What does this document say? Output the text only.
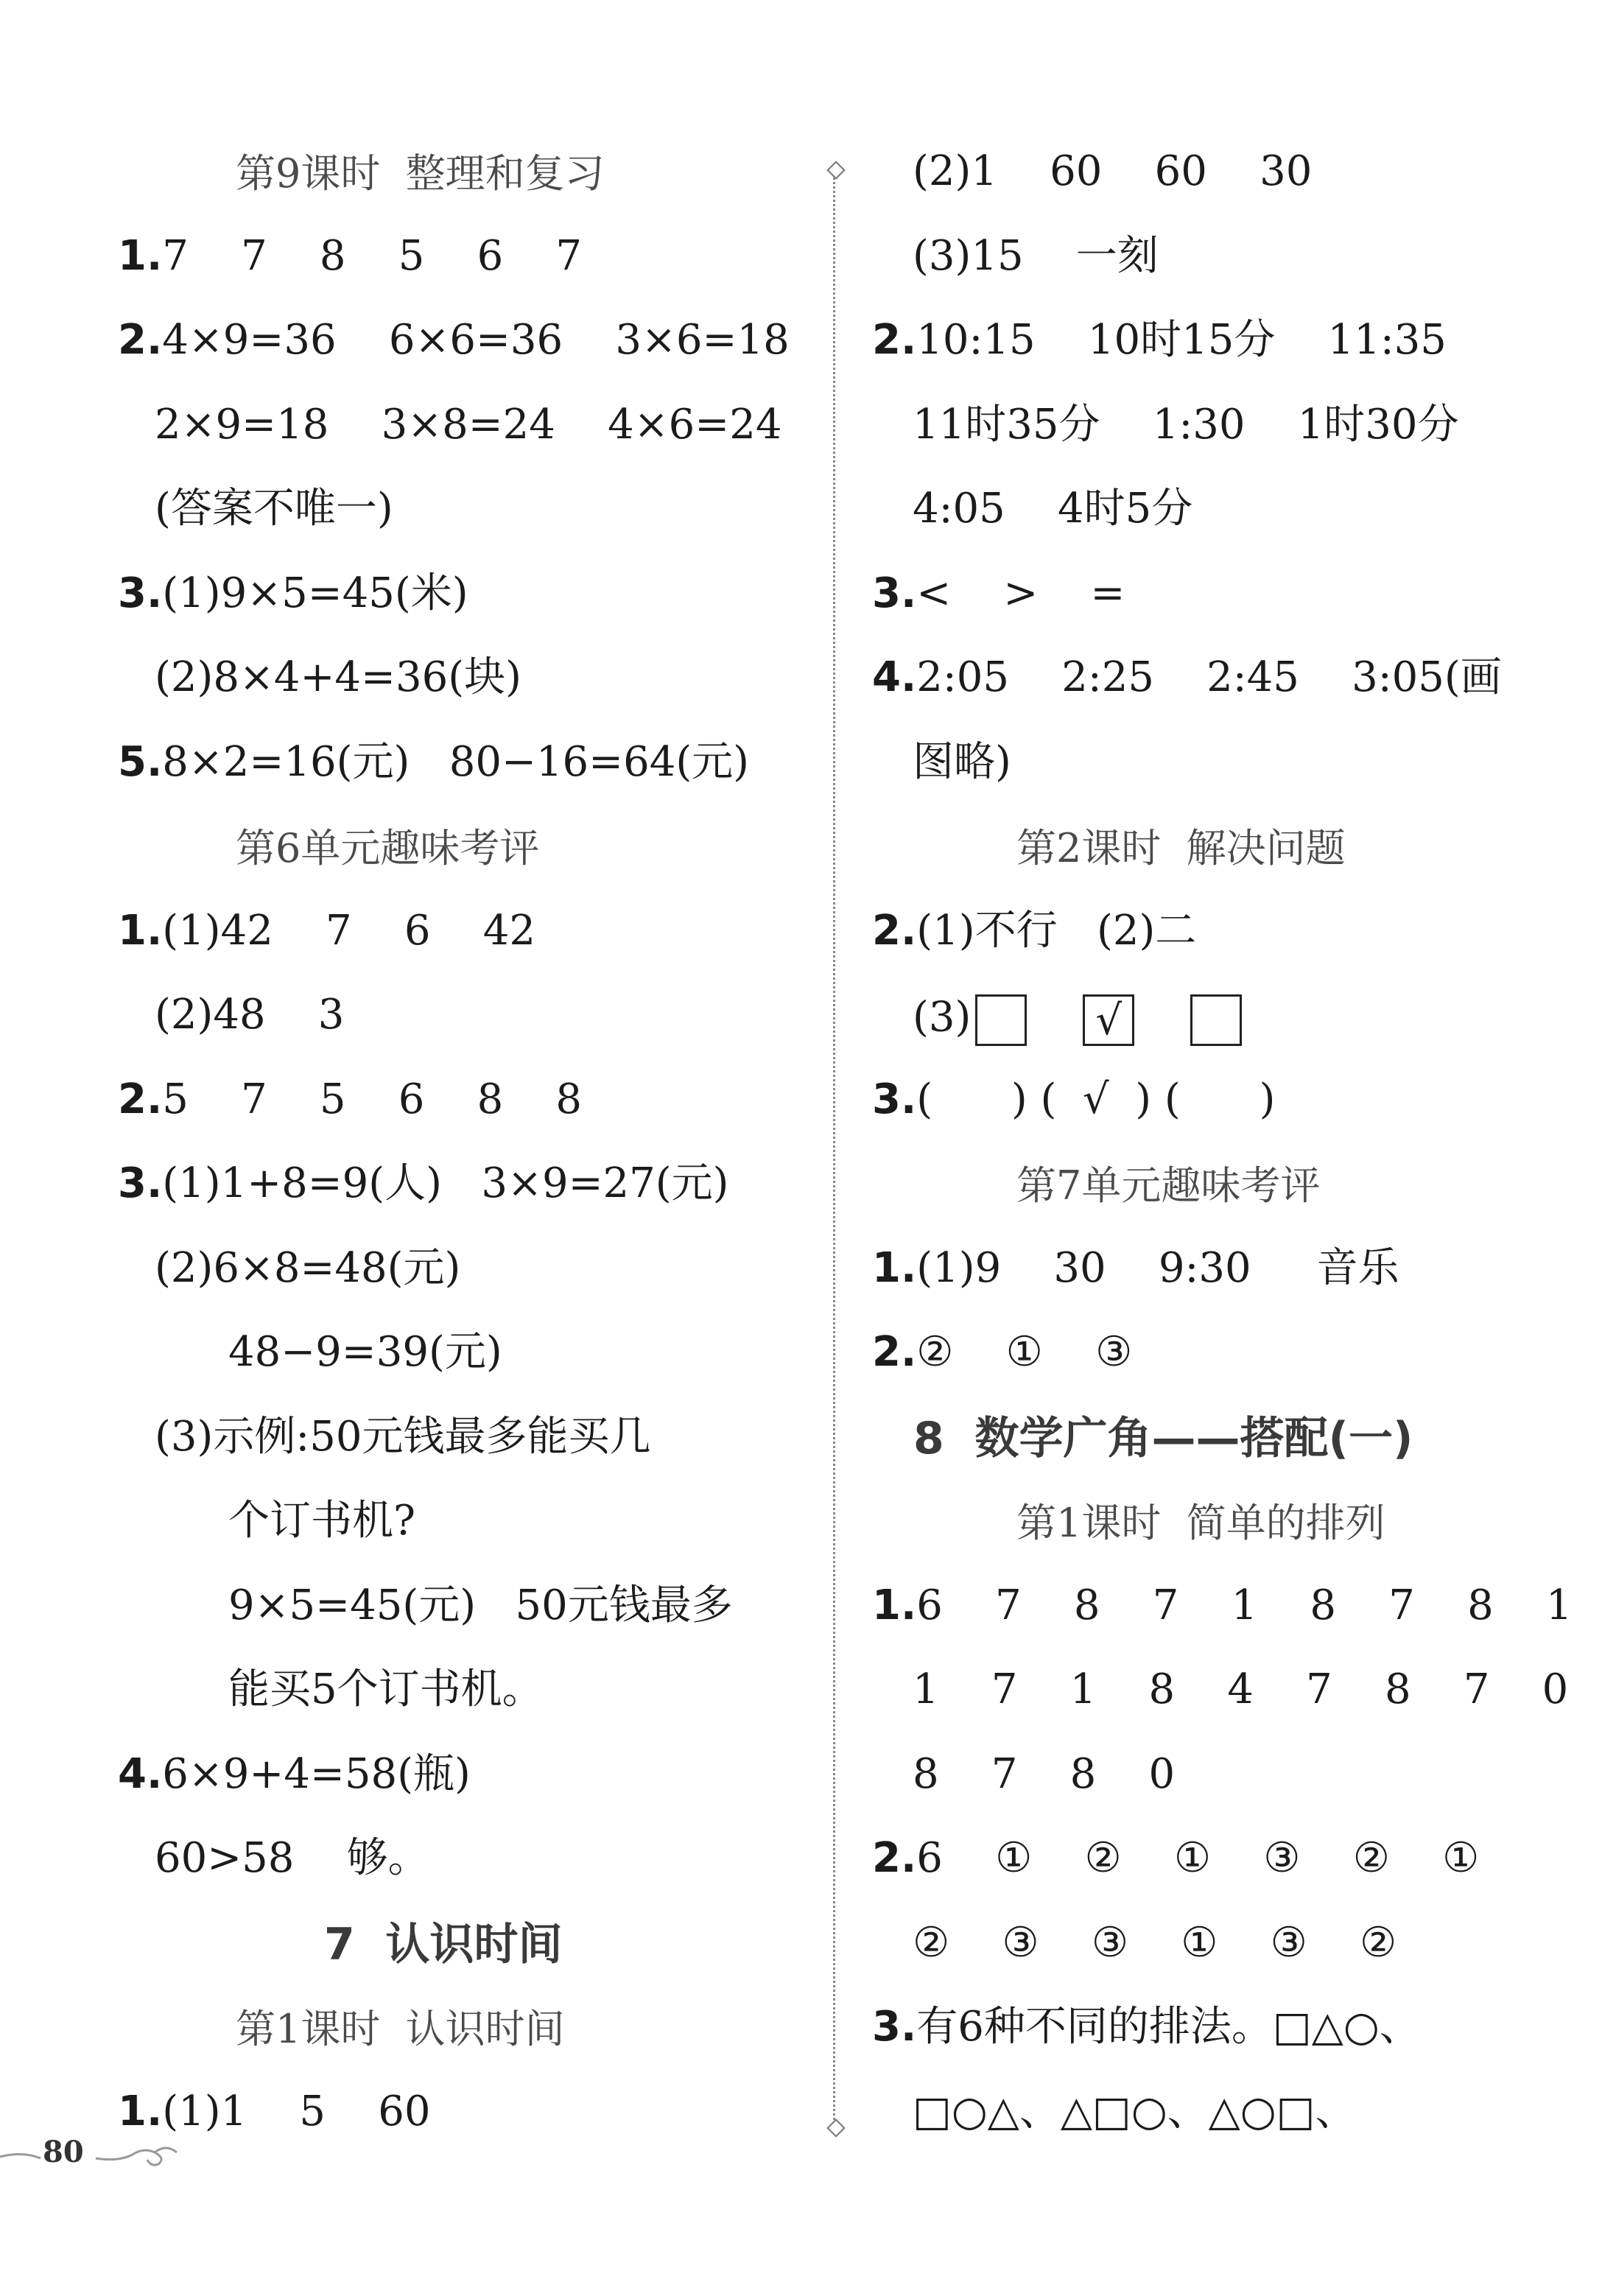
第9课时  整理和复习
1.7    7    8    5    6    7
2.4×9=36    6×6=36    3×6=18
2×9=18    3×8=24    4×6=24
(答案不唯一)
3.(1)9×5=45(米)
(2)8×4+4=36(块)
5.8×2=16(元)   80−16=64(元)
第6单元趣味考评
1.(1)42    7    6    42
(2)48    3
2.5    7    5    6    8    8
3.(1)1+8=9(人)   3×9=27(元)
(2)6×8=48(元)
48−9=39(元)
(3)示例:50元钱最多能买几
个订书机?
9×5=45(元)   50元钱最多
能买5个订书机。
4.6×9+4=58(瓶)
60>58    够。
7  认识时间
第1课时  认识时间
1.(1)1    5    60
(2)1    60    60    30
(3)15    一刻
2.10:15    10时15分    11:35
11时35分    1:30    1时30分
4:05    4时5分
3.<    >    =
4.2:05    2:25    2:45    3:05(画
图略)
第2课时  解决问题
2.(1)不行   (2)二
(3)	√
3.(      ) (  √  ) (      )
第7单元趣味考评
1.(1)9    30    9:30     音乐
2.②    ①    ③
8  数学广角——搭配(一)
第1课时  简单的排列
1.6    7    8    7    1    8    7    8    1
1    7    1    8    4    7    8    7    0
8    7    8    0
2.6    ①    ②    ①    ③    ②    ①
②    ③    ③    ①    ③    ②
3.有6种不同的排法。□△○、
□○△、△□○、△○□、
80
